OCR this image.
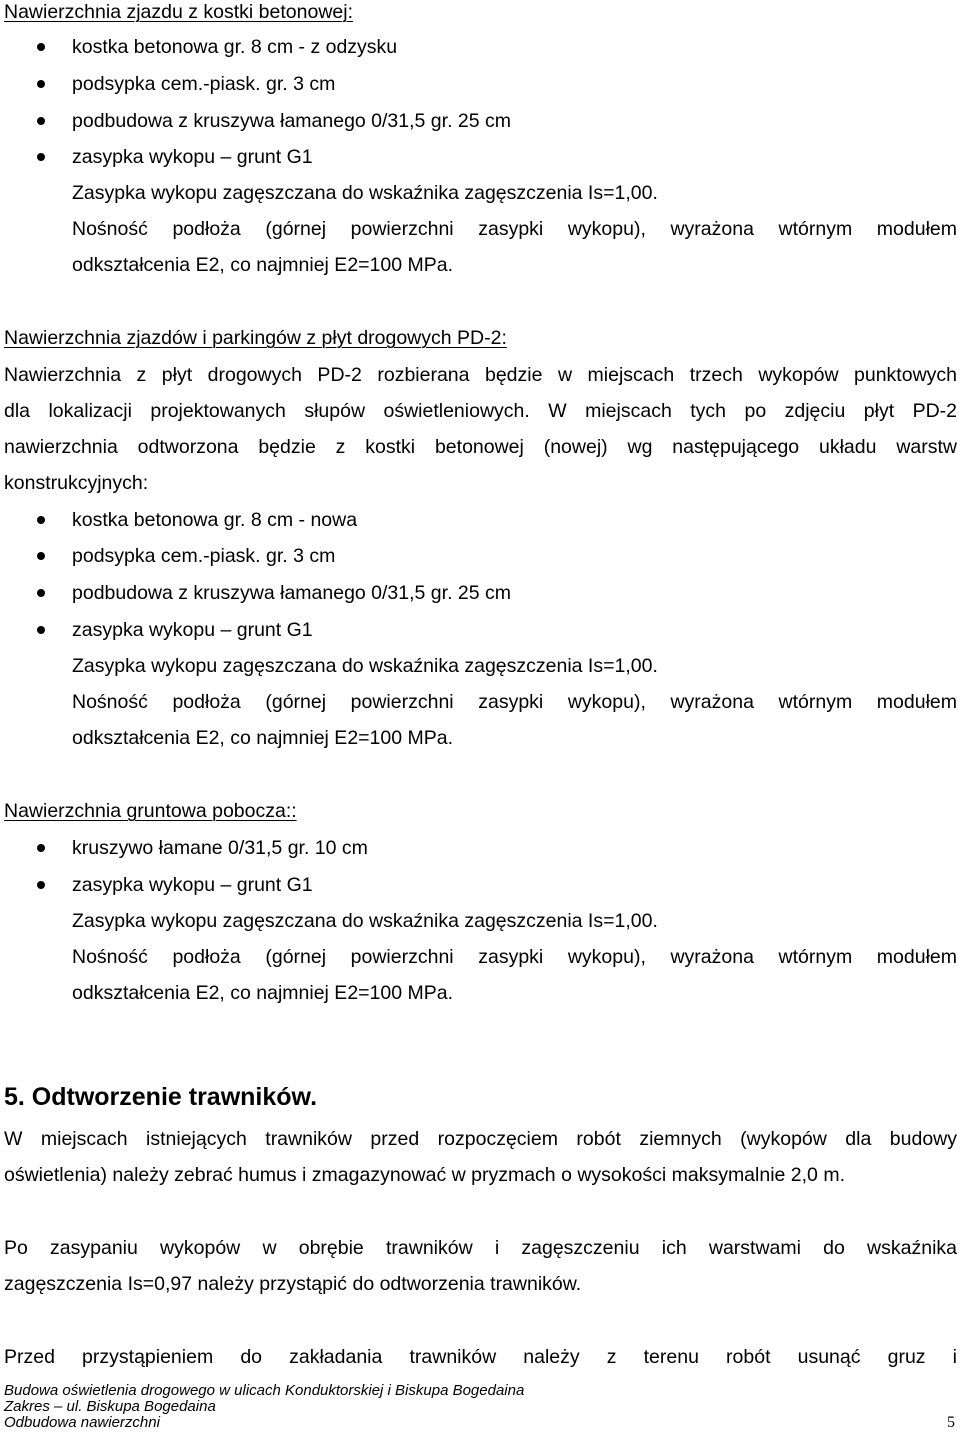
Nawierzchnia zjazdu z kostki betonowej:
kostka betonowa gr. 8 cm - z odzysku
podsypka cem.-piask. gr. 3 cm
podbudowa z kruszywa łamanego 0/31,5 gr. 25 cm
zasypka wykopu – grunt G1
Zasypka wykopu zagęszczana do wskaźnika zagęszczenia Is=1,00.
Nośność podłoża (górnej powierzchni zasypki wykopu), wyrażona wtórnym modułem
odkształcenia E2, co najmniej E2=100 MPa.
Nawierzchnia zjazdów i parkingów z płyt drogowych PD-2:
Nawierzchnia z płyt drogowych PD-2 rozbierana będzie w miejscach trzech wykopów punktowych
dla lokalizacji projektowanych słupów oświetleniowych. W miejscach tych po zdjęciu płyt PD-2
nawierzchnia odtworzona będzie z kostki betonowej (nowej) wg następującego układu warstw
konstrukcyjnych:
kostka betonowa gr. 8 cm - nowa
podsypka cem.-piask. gr. 3 cm
podbudowa z kruszywa łamanego 0/31,5 gr. 25 cm
zasypka wykopu – grunt G1
Zasypka wykopu zagęszczana do wskaźnika zagęszczenia Is=1,00.
Nośność podłoża (górnej powierzchni zasypki wykopu), wyrażona wtórnym modułem
odkształcenia E2, co najmniej E2=100 MPa.
Nawierzchnia gruntowa pobocza::
kruszywo łamane 0/31,5 gr. 10 cm
zasypka wykopu – grunt G1
Zasypka wykopu zagęszczana do wskaźnika zagęszczenia Is=1,00.
Nośność podłoża (górnej powierzchni zasypki wykopu), wyrażona wtórnym modułem
odkształcenia E2, co najmniej E2=100 MPa.
5. Odtworzenie trawników.
W miejscach istniejących trawników przed rozpoczęciem robót ziemnych (wykopów dla budowy
oświetlenia) należy zebrać humus i zmagazynować w pryzmach o wysokości maksymalnie 2,0 m.
Po zasypaniu wykopów w obrębie trawników i zagęszczeniu ich warstwami do wskaźnika
zagęszczenia Is=0,97 należy przystąpić do odtworzenia trawników.
Przed przystąpieniem do zakładania trawników należy z terenu robót usunąć gruz i
Budowa oświetlenia drogowego w ulicach Konduktorskiej i Biskupa Bogedaina
Zakres – ul. Biskupa Bogedaina
Odbudowa nawierzchni	5
